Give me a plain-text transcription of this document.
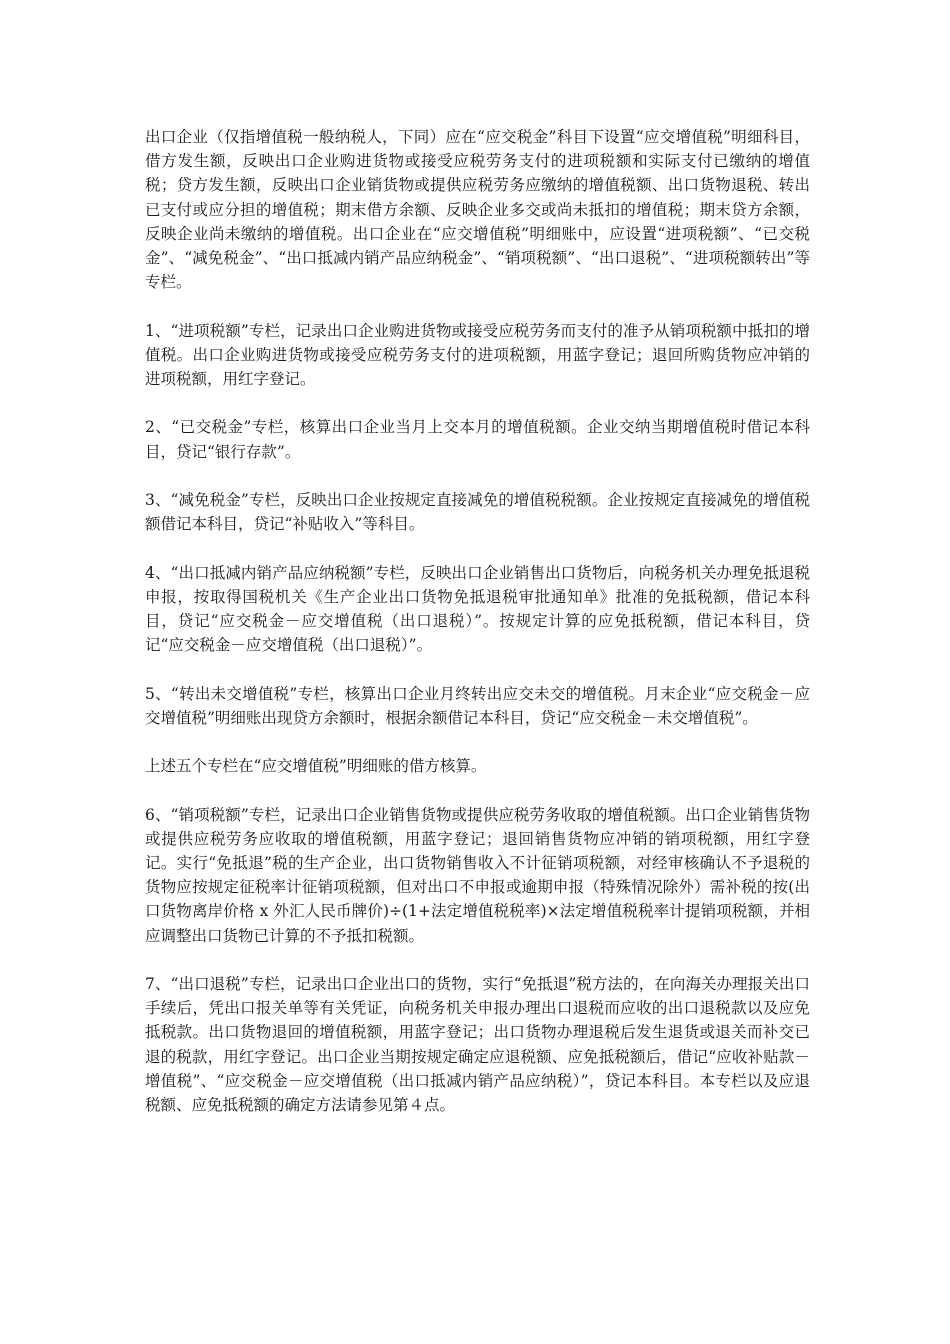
出口企业（仅指增值税一般纳税人，下同）应在“应交税金”科目下设置“应交增值税”明细科目，借方发生额，反映出口企业购进货物或接受应税劳务支付的进项税额和实际支付已缴纳的增值税；贷方发生额，反映出口企业销货物或提供应税劳务应缴纳的增值税额、出口货物退税、转出已支付或应分担的增值税；期末借方余额、反映企业多交或尚未抵扣的增值税；期末贷方余额，反映企业尚未缴纳的增值税。出口企业在“应交增值税”明细账中，应设置“进项税额”、“已交税金”、“减免税金”、“出口抵减内销产品应纳税金”、“销项税额”、“出口退税”、“进项税额转出”等专栏。

1、“进项税额”专栏，记录出口企业购进货物或接受应税劳务而支付的准予从销项税额中抵扣的增值税。出口企业购进货物或接受应税劳务支付的进项税额，用蓝字登记；退回所购货物应冲销的进项税额，用红字登记。

2、“已交税金”专栏，核算出口企业当月上交本月的增值税额。企业交纳当期增值税时借记本科目，贷记“银行存款”。

3、“减免税金”专栏，反映出口企业按规定直接减免的增值税税额。企业按规定直接减免的增值税额借记本科目，贷记“补贴收入”等科目。

4、“出口抵减内销产品应纳税额”专栏，反映出口企业销售出口货物后，向税务机关办理免抵退税申报，按取得国税机关《生产企业出口货物免抵退税审批通知单》批准的免抵税额，借记本科目，贷记“应交税金－应交增值税（出口退税）”。按规定计算的应免抵税额，借记本科目，贷记“应交税金－应交增值税（出口退税）”。

5、“转出未交增值税”专栏，核算出口企业月终转出应交未交的增值税。月末企业“应交税金－应交增值税”明细账出现贷方余额时，根据余额借记本科目，贷记“应交税金－未交增值税”。

上述五个专栏在“应交增值税”明细账的借方核算。

6、“销项税额”专栏，记录出口企业销售货物或提供应税劳务收取的增值税额。出口企业销售货物或提供应税劳务应收取的增值税额，用蓝字登记；退回销售货物应冲销的销项税额，用红字登记。实行“免抵退”税的生产企业，出口货物销售收入不计征销项税额，对经审核确认不予退税的货物应按规定征税率计征销项税额，但对出口不申报或逾期申报（特殊情况除外）需补税的按(出口货物离岸价格 x 外汇人民币牌价)÷(1+法定增值税税率)×法定增值税税率计提销项税额，并相应调整出口货物已计算的不予抵扣税额。

7、“出口退税”专栏，记录出口企业出口的货物，实行“免抵退”税方法的，在向海关办理报关出口手续后，凭出口报关单等有关凭证，向税务机关申报办理出口退税而应收的出口退税款以及应免抵税款。出口货物退回的增值税额，用蓝字登记；出口货物办理退税后发生退货或退关而补交已退的税款，用红字登记。出口企业当期按规定确定应退税额、应免抵税额后，借记“应收补贴款－增值税”、“应交税金－应交增值税（出口抵减内销产品应纳税）”，贷记本科目。本专栏以及应退税额、应免抵税额的确定方法请参见第４点。
